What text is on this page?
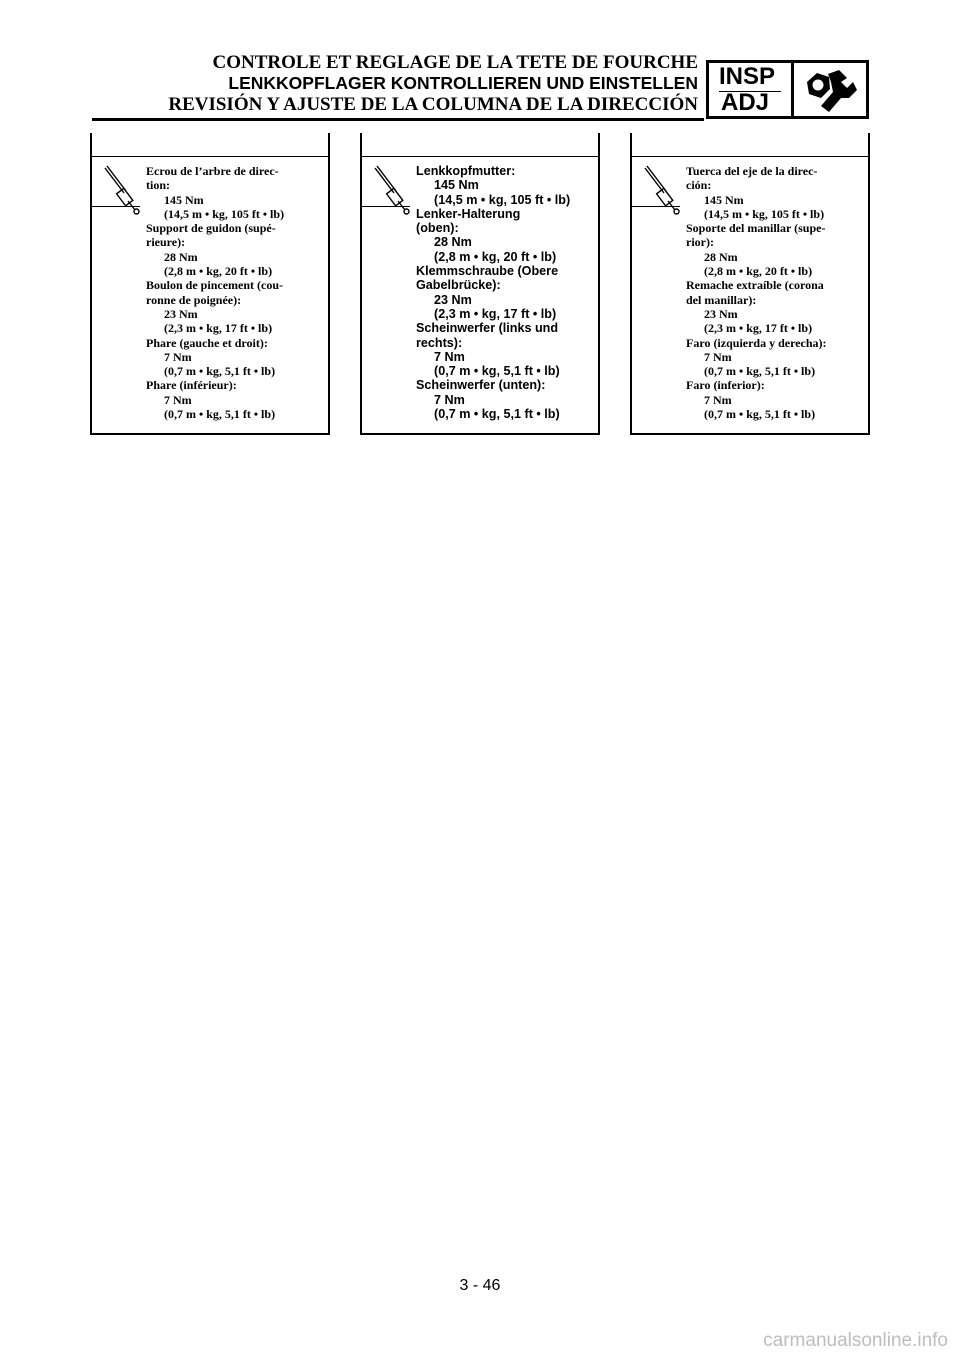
CONTROLE ET REGLAGE DE LA TETE DE FOURCHE
LENKKOPFLAGER KONTROLLIEREN UND EINSTELLEN
REVISIÓN Y AJUSTE DE LA COLUMNA DE LA DIRECCIÓN
INSP
ADJ
Ecrou de l’arbre de direc-
tion:
145 Nm
(14,5 m • kg, 105 ft • lb)
Support de guidon (supé-
rieure):
28 Nm
(2,8 m • kg, 20 ft • lb)
Boulon de pincement (cou-
ronne de poignée):
23 Nm
(2,3 m • kg, 17 ft • lb)
Phare (gauche et droit):
7 Nm
(0,7 m • kg, 5,1 ft • lb)
Phare (inférieur):
7 Nm
(0,7 m • kg, 5,1 ft • lb)
Lenkkopfmutter:
145 Nm
(14,5 m • kg, 105 ft • lb)
Lenker-Halterung
(oben):
28 Nm
(2,8 m • kg, 20 ft • lb)
Klemmschraube (Obere
Gabelbrücke):
23 Nm
(2,3 m • kg, 17 ft • lb)
Scheinwerfer (links und
rechts):
7 Nm
(0,7 m • kg, 5,1 ft • lb)
Scheinwerfer (unten):
7 Nm
(0,7 m • kg, 5,1 ft • lb)
Tuerca del eje de la direc-
ción:
145 Nm
(14,5 m • kg, 105 ft • lb)
Soporte del manillar (supe-
rior):
28 Nm
(2,8 m • kg, 20 ft • lb)
Remache extraíble (corona
del manillar):
23 Nm
(2,3 m • kg, 17 ft • lb)
Faro (izquierda y derecha):
7 Nm
(0,7 m • kg, 5,1 ft • lb)
Faro (inferior):
7 Nm
(0,7 m • kg, 5,1 ft • lb)
3 - 46
carmanualsonline.info
